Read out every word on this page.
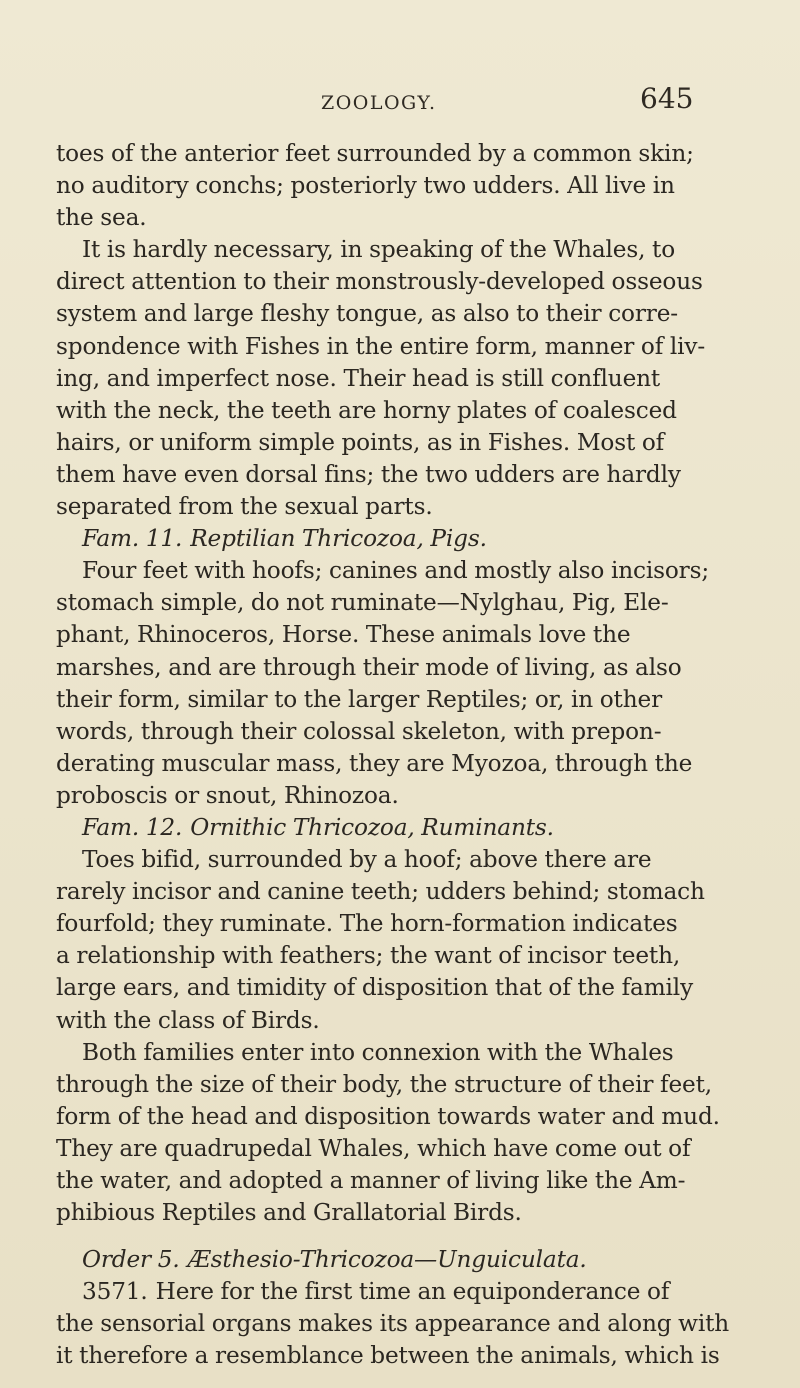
ZOOLOGY.	645
toes of the anterior feet surrounded by a common skin;
no auditory conchs; posteriorly two udders. All live in
the sea.
It is hardly necessary, in speaking of the Whales, to
direct attention to their monstrously-developed osseous
system and large fleshy tongue, as also to their corre-
spondence with Fishes in the entire form, manner of liv-
ing, and imperfect nose. Their head is still confluent
with the neck, the teeth are horny plates of coalesced
hairs, or uniform simple points, as in Fishes. Most of
them have even dorsal fins; the two udders are hardly
separated from the sexual parts.
Fam. 11. Reptilian Thricozoa, Pigs.
Four feet with hoofs; canines and mostly also incisors;
stomach simple, do not ruminate—Nylghau, Pig, Ele-
phant, Rhinoceros, Horse. These animals love the
marshes, and are through their mode of living, as also
their form, similar to the larger Reptiles; or, in other
words, through their colossal skeleton, with prepon-
derating muscular mass, they are Myozoa, through the
proboscis or snout, Rhinozoa.
Fam. 12. Ornithic Thricozoa, Ruminants.
Toes bifid, surrounded by a hoof; above there are
rarely incisor and canine teeth; udders behind; stomach
fourfold; they ruminate. The horn-formation indicates
a relationship with feathers; the want of incisor teeth,
large ears, and timidity of disposition that of the family
with the class of Birds.
Both families enter into connexion with the Whales
through the size of their body, the structure of their feet,
form of the head and disposition towards water and mud.
They are quadrupedal Whales, which have come out of
the water, and adopted a manner of living like the Am-
phibious Reptiles and Grallatorial Birds.
Order 5. Æsthesio-Thricozoa—Unguiculata.
3571. Here for the first time an equiponderance of
the sensorial organs makes its appearance and along with
it therefore a resemblance between the animals, which is
